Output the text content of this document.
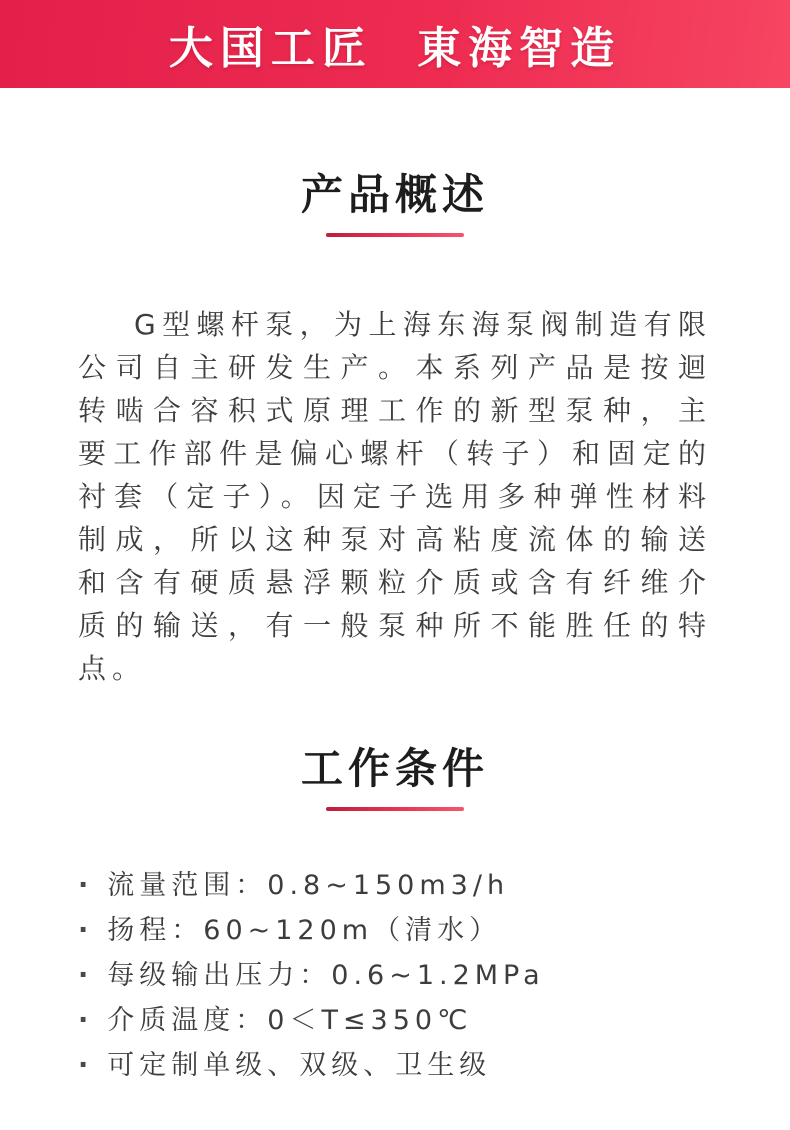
大国工匠 東海智造
产品概述
G型螺杆泵，为上海东海泵阀制造有限
公司自主研发生产。本系列产品是按迴
转啮合容积式原理工作的新型泵种，主
要工作部件是偏心螺杆（转子）和固定的
衬套（定子）。因定子选用多种弹性材料
制成，所以这种泵对高粘度流体的输送
和含有硬质悬浮颗粒介质或含有纤维介
质的输送，有一般泵种所不能胜任的特
点。
工作条件
· 流量范围：0.8~150m3/h
· 扬程：60~120m（清水）
· 每级输出压力：0.6~1.2MPa
· 介质温度：0＜T≤350℃
· 可定制单级、双级、卫生级
